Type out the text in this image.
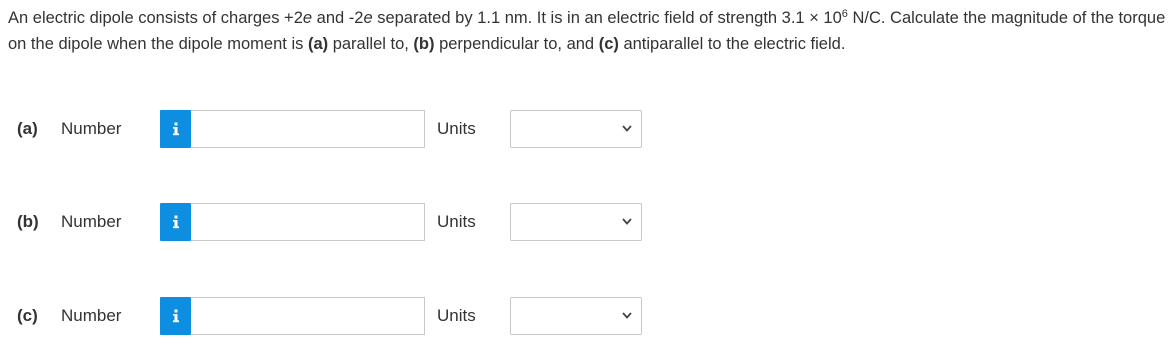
An electric dipole consists of charges +2e and -2e separated by 1.1 nm. It is in an electric field of strength $3.1 \times 10^6$ N/C. Calculate the magnitude of the torque on the dipole when the dipole moment is (a) parallel to, (b) perpendicular to, and (c) antiparallel to the electric field.
(a) Number	Units
(b) Number	Units
(c) Number	Units
